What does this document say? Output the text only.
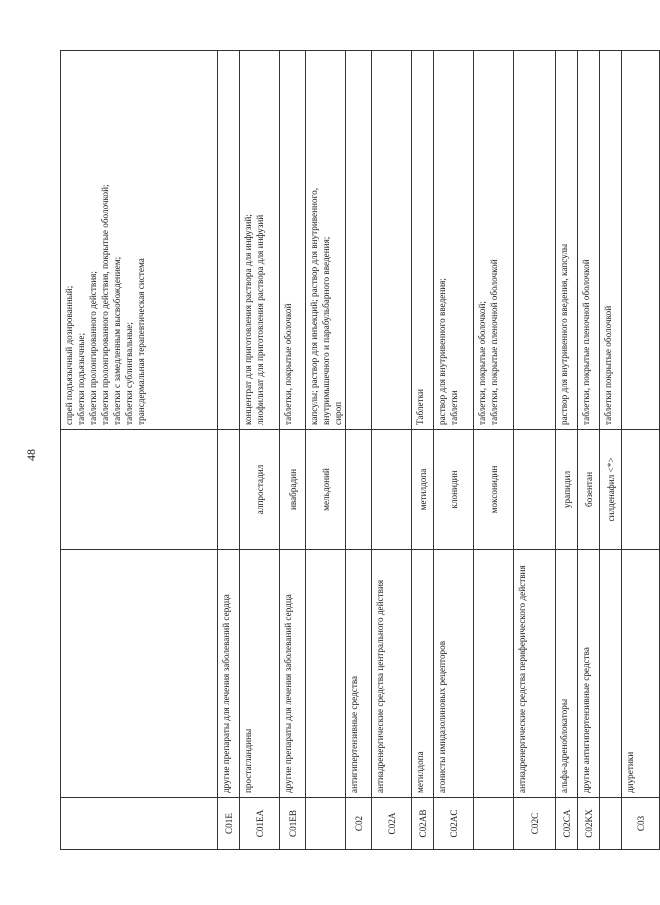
спрей подъязычный дозированный; таблетки подъязычные; таблетки пролонгированного действия; таблетки пролонгированного действия, покрытые оболочкой; таблетки с замедленным высвобождением; таблетки сублингвальные; трансдермальная терапевтическая система
C01E
другие препараты для лечения заболеваний сердца
C01EA
простагландины
алпростадил
концентрат для приготовления раствора для инфузий; лиофилизат для приготовления раствора для инфузий
C01EB
другие препараты для лечения заболеваний сердца
ивабрадин
таблетки, покрытые оболочкой
мельдоний
капсулы; раствор для инъекций; раствор для внутривенного, внутримышечного и парабульбарного введения; сироп
C02
антигипертензивные средства
C02A
антиадренергические средства центрального действия
C02AB
метилдопа
метилдопа
Таблетки
C02AC
агонисты имидазолиновых рецепторов
клонидин
раствор для внутривенного введения; таблетки
моксонидин
таблетки, покрытые оболочкой; таблетки, покрытые пленочной оболочкой
C02C
антиадренергические средства периферического действия
C02CA
альфа-адреноблокаторы
урапидил
раствор для внутривенного введения, капсулы
C02KX
другие антигипертензивные средства
бозентан
таблетки, покрытые пленочной оболочкой
силденафил <*>
таблетки покрытые оболочкой
C03
диуретики
48
